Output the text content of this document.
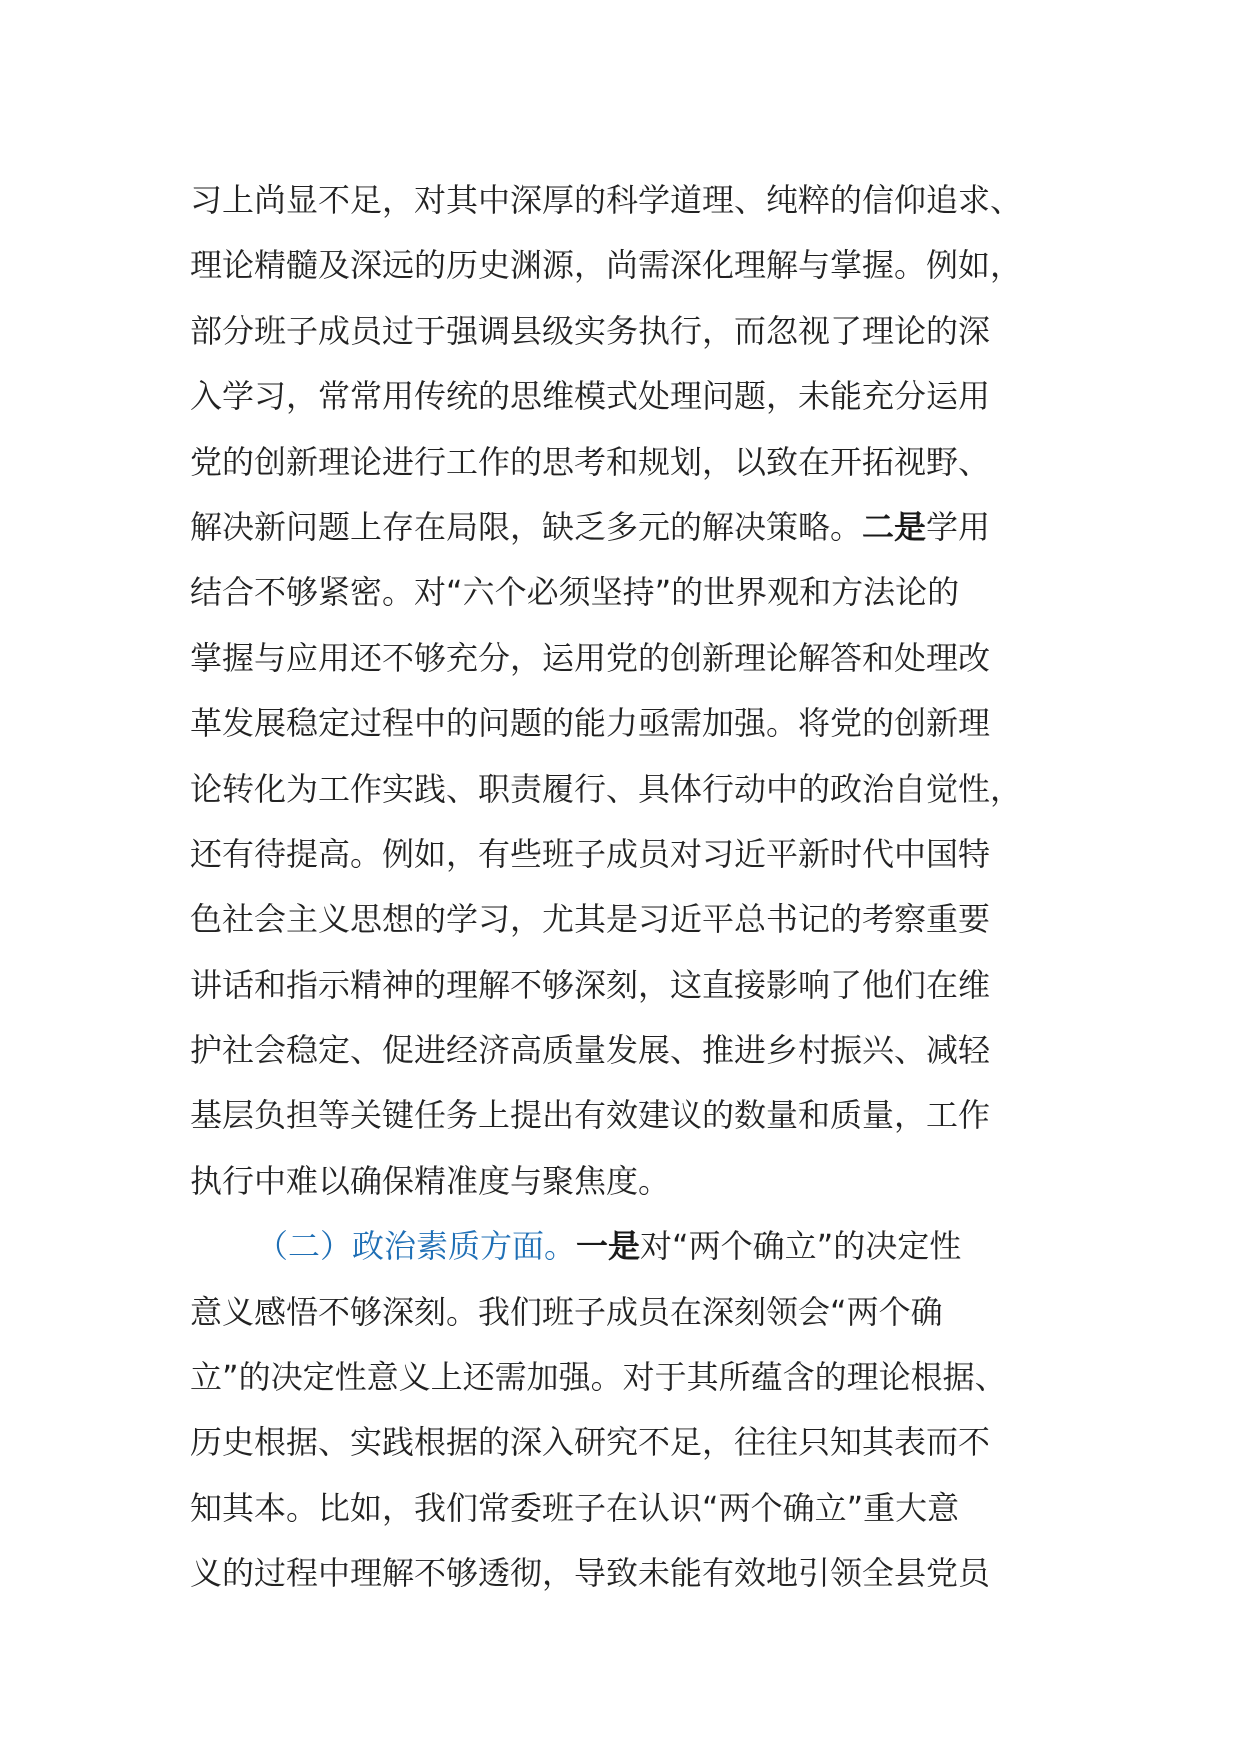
习上尚显不足，对其中深厚的科学道理、纯粹的信仰追求、
理论精髓及深远的历史渊源，尚需深化理解与掌握。例如，
部分班子成员过于强调县级实务执行，而忽视了理论的深
入学习，常常用传统的思维模式处理问题，未能充分运用
党的创新理论进行工作的思考和规划，以致在开拓视野、
解决新问题上存在局限，缺乏多元的解决策略。二是学用
结合不够紧密。对“六个必须坚持”的世界观和方法论的
掌握与应用还不够充分，运用党的创新理论解答和处理改
革发展稳定过程中的问题的能力亟需加强。将党的创新理
论转化为工作实践、职责履行、具体行动中的政治自觉性，
还有待提高。例如，有些班子成员对习近平新时代中国特
色社会主义思想的学习，尤其是习近平总书记的考察重要
讲话和指示精神的理解不够深刻，这直接影响了他们在维
护社会稳定、促进经济高质量发展、推进乡村振兴、减轻
基层负担等关键任务上提出有效建议的数量和质量，工作
执行中难以确保精准度与聚焦度。
（二）政治素质方面。一是对“两个确立”的决定性
意义感悟不够深刻。我们班子成员在深刻领会“两个确
立”的决定性意义上还需加强。对于其所蕴含的理论根据、
历史根据、实践根据的深入研究不足，往往只知其表而不
知其本。比如，我们常委班子在认识“两个确立”重大意
义的过程中理解不够透彻，导致未能有效地引领全县党员
